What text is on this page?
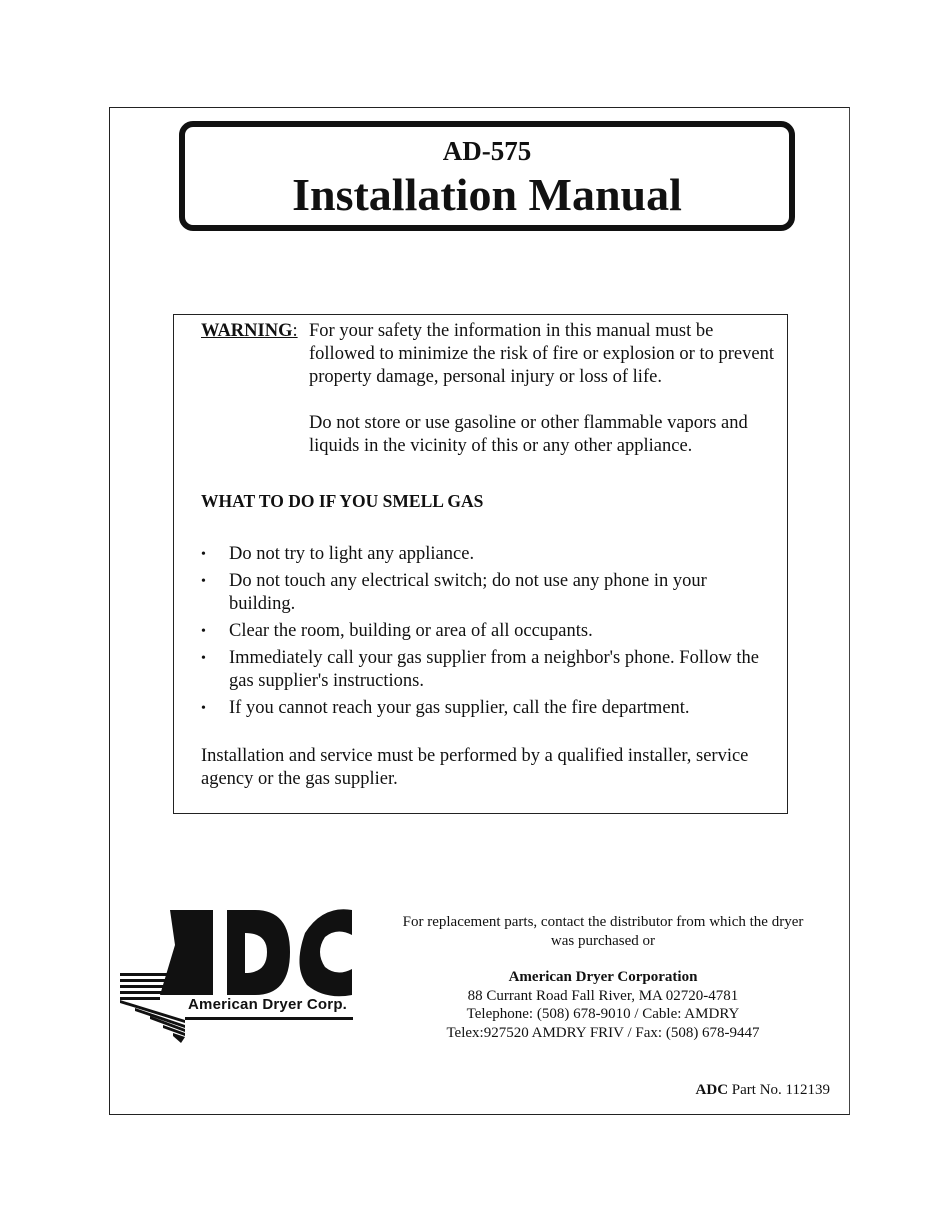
AD-575
Installation Manual
WARNING: For your safety the information in this manual must be followed to minimize the risk of fire or explosion or to prevent property damage, personal injury or loss of life.
Do not store or use gasoline or other flammable vapors and liquids in the vicinity of this or any other appliance.
WHAT TO DO IF YOU SMELL GAS
• Do not try to light any appliance.
• Do not touch any electrical switch; do not use any phone in your building.
• Clear the room, building or area of all occupants.
• Immediately call your gas supplier from a neighbor's phone. Follow the gas supplier's instructions.
• If you cannot reach your gas supplier, call the fire department.
Installation and service must be performed by a qualified installer, service agency or the gas supplier.
American Dryer Corp.
For replacement parts, contact the distributor from which the dryer
was purchased or
American Dryer Corporation
88 Currant Road Fall River, MA 02720-4781
Telephone: (508) 678-9010 / Cable: AMDRY
Telex:927520 AMDRY FRIV / Fax: (508) 678-9447
ADC Part No. 112139
